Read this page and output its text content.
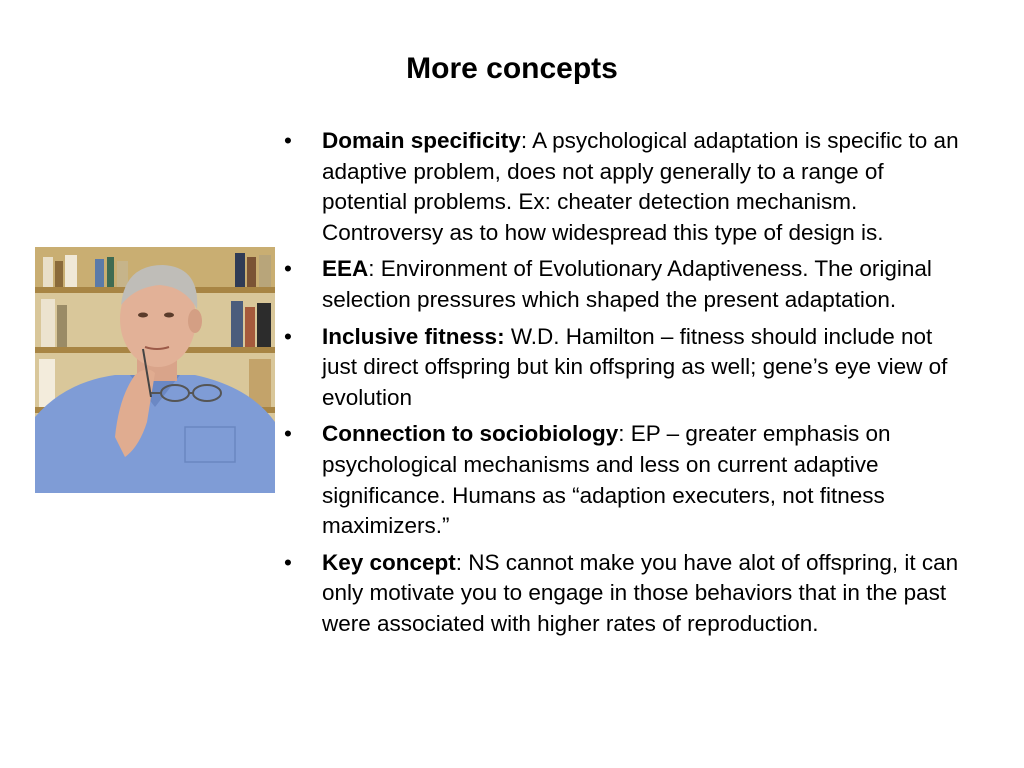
More concepts
• Domain specificity: A psychological adaptation is specific to an adaptive problem, does not apply generally to a range of potential problems. Ex: cheater detection mechanism. Controversy as to how widespread this type of design is.
• EEA: Environment of Evolutionary Adaptiveness. The original selection pressures which shaped the present adaptation.
• Inclusive fitness: W.D. Hamilton – fitness should include not just direct offspring but kin offspring as well; gene’s eye view of evolution
• Connection to sociobiology: EP – greater emphasis on psychological mechanisms and less on current adaptive significance. Humans as “adaption executers, not fitness maximizers.”
• Key concept: NS cannot make you have alot of offspring, it can only motivate you to engage in those behaviors that in the past were associated with higher rates of reproduction.
